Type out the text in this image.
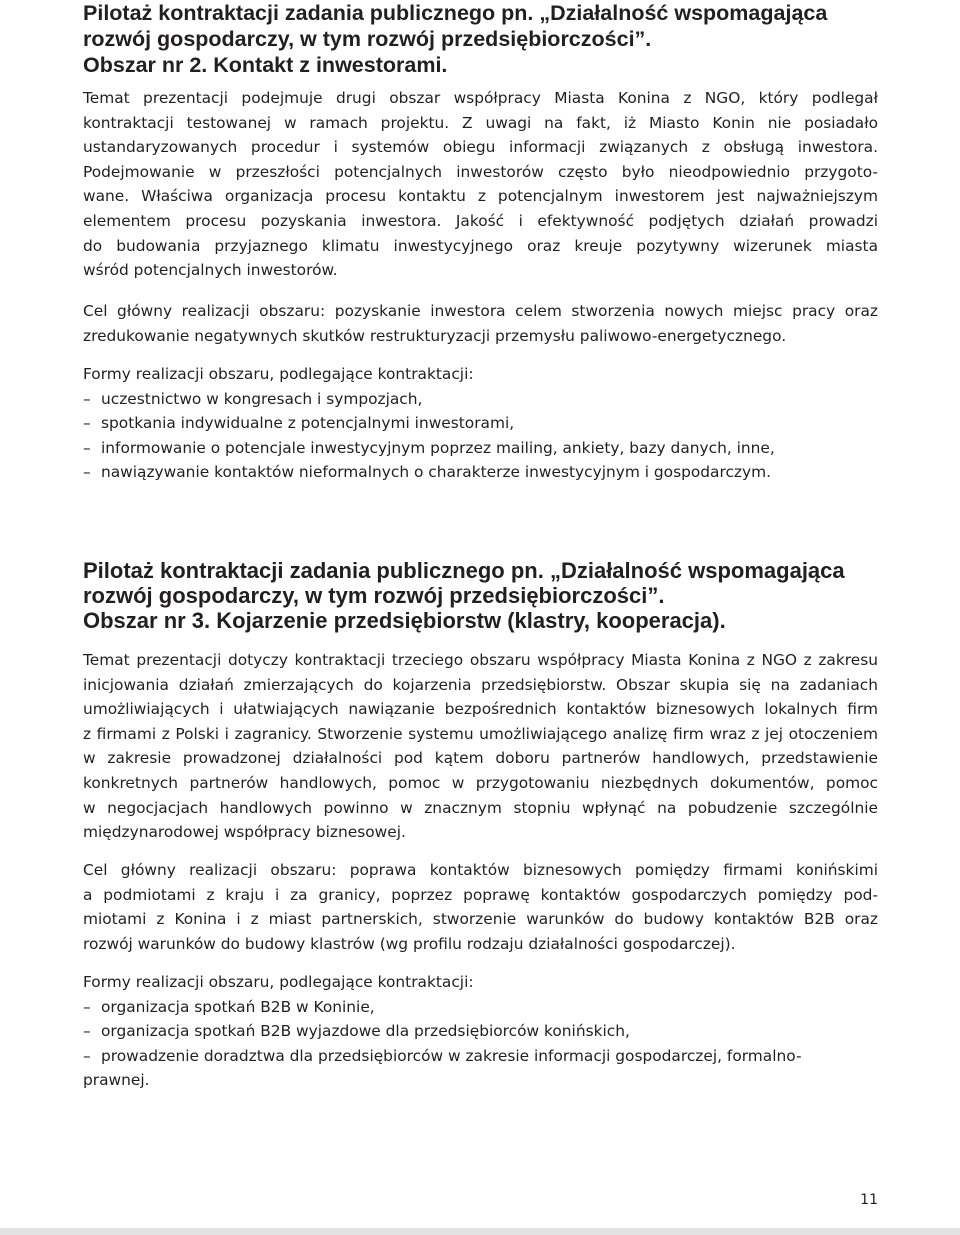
Pilotaż kontraktacji zadania publicznego pn. „Działalność wspomagająca
rozwój gospodarczy, w tym rozwój przedsiębiorczości”.
Obszar nr 2. Kontakt z inwestorami.
Temat prezentacji podejmuje drugi obszar współpracy Miasta Konina z NGO, który podlegał
kontraktacji testowanej w ramach projektu. Z uwagi na fakt, iż Miasto Konin nie posiadało
ustandaryzowanych procedur i systemów obiegu informacji związanych z obsługą inwestora.
Podejmowanie w przeszłości potencjalnych inwestorów często było nieodpowiednio przygoto-
wane. Właściwa organizacja procesu kontaktu z potencjalnym inwestorem jest najważniejszym
elementem procesu pozyskania inwestora. Jakość i efektywność podjętych działań prowadzi
do budowania przyjaznego klimatu inwestycyjnego oraz kreuje pozytywny wizerunek miasta
wśród potencjalnych inwestorów.
Cel główny realizacji obszaru: pozyskanie inwestora celem stworzenia nowych miejsc pracy oraz
zredukowanie negatywnych skutków restrukturyzacji przemysłu paliwowo-energetycznego.
Formy realizacji obszaru, podlegające kontraktacji:
– uczestnictwo w kongresach i sympozjach,
– spotkania indywidualne z potencjalnymi inwestorami,
– informowanie o potencjale inwestycyjnym poprzez mailing, ankiety, bazy danych, inne,
– nawiązywanie kontaktów nieformalnych o charakterze inwestycyjnym i gospodarczym.
Pilotaż kontraktacji zadania publicznego pn. „Działalność wspomagająca
rozwój gospodarczy, w tym rozwój przedsiębiorczości”.
Obszar nr 3. Kojarzenie przedsiębiorstw (klastry, kooperacja).
Temat prezentacji dotyczy kontraktacji trzeciego obszaru współpracy Miasta Konina z NGO z zakresu
inicjowania działań zmierzających do kojarzenia przedsiębiorstw. Obszar skupia się na zadaniach
umożliwiających i ułatwiających nawiązanie bezpośrednich kontaktów biznesowych lokalnych firm
z firmami z Polski i zagranicy. Stworzenie systemu umożliwiającego analizę firm wraz z jej otoczeniem
w zakresie prowadzonej działalności pod kątem doboru partnerów handlowych, przedstawienie
konkretnych partnerów handlowych, pomoc w przygotowaniu niezbędnych dokumentów, pomoc
w negocjacjach handlowych powinno w znacznym stopniu wpłynąć na pobudzenie szczególnie
międzynarodowej współpracy biznesowej.
Cel główny realizacji obszaru: poprawa kontaktów biznesowych pomiędzy firmami konińskimi
a podmiotami z kraju i za granicy, poprzez poprawę kontaktów gospodarczych pomiędzy pod-
miotami z Konina i z miast partnerskich, stworzenie warunków do budowy kontaktów B2B oraz
rozwój warunków do budowy klastrów (wg profilu rodzaju działalności gospodarczej).
Formy realizacji obszaru, podlegające kontraktacji:
– organizacja spotkań B2B w Koninie,
– organizacja spotkań B2B wyjazdowe dla przedsiębiorców konińskich,
– prowadzenie doradztwa dla przedsiębiorców w zakresie informacji gospodarczej, formalno-
prawnej.
11
